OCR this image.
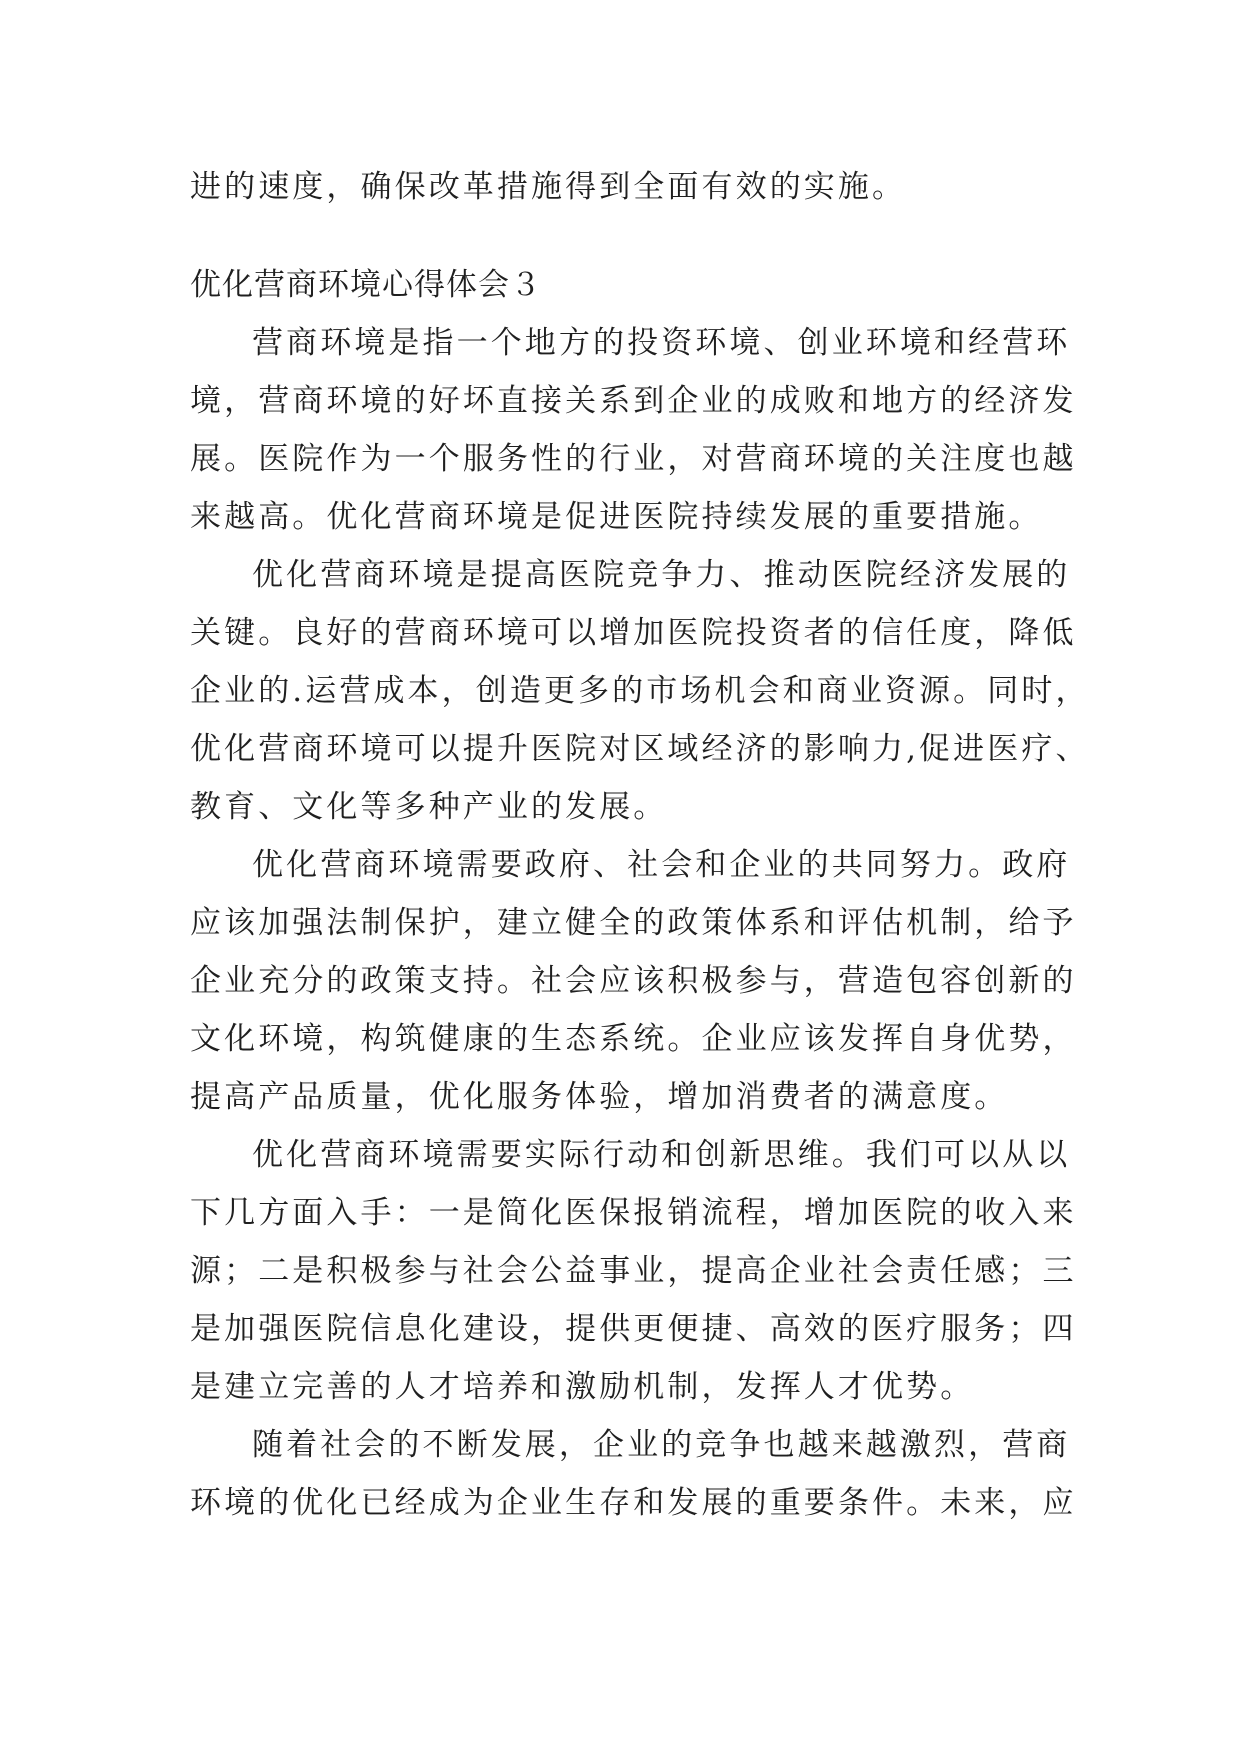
进的速度，确保改革措施得到全面有效的实施。
优化营商环境心得体会３
营商环境是指一个地方的投资环境、创业环境和经营环
境，营商环境的好坏直接关系到企业的成败和地方的经济发
展。医院作为一个服务性的行业，对营商环境的关注度也越
来越高。优化营商环境是促进医院持续发展的重要措施。
优化营商环境是提高医院竞争力、推动医院经济发展的
关键。良好的营商环境可以增加医院投资者的信任度，降低
企业的.运营成本，创造更多的市场机会和商业资源。同时，
优化营商环境可以提升医院对区域经济的影响力,促进医疗、
教育、文化等多种产业的发展。
优化营商环境需要政府、社会和企业的共同努力。政府
应该加强法制保护，建立健全的政策体系和评估机制，给予
企业充分的政策支持。社会应该积极参与，营造包容创新的
文化环境，构筑健康的生态系统。企业应该发挥自身优势，
提高产品质量，优化服务体验，增加消费者的满意度。
优化营商环境需要实际行动和创新思维。我们可以从以
下几方面入手：一是简化医保报销流程，增加医院的收入来
源；二是积极参与社会公益事业，提高企业社会责任感；三
是加强医院信息化建设，提供更便捷、高效的医疗服务；四
是建立完善的人才培养和激励机制，发挥人才优势。
随着社会的不断发展，企业的竞争也越来越激烈，营商
环境的优化已经成为企业生存和发展的重要条件。未来，应
